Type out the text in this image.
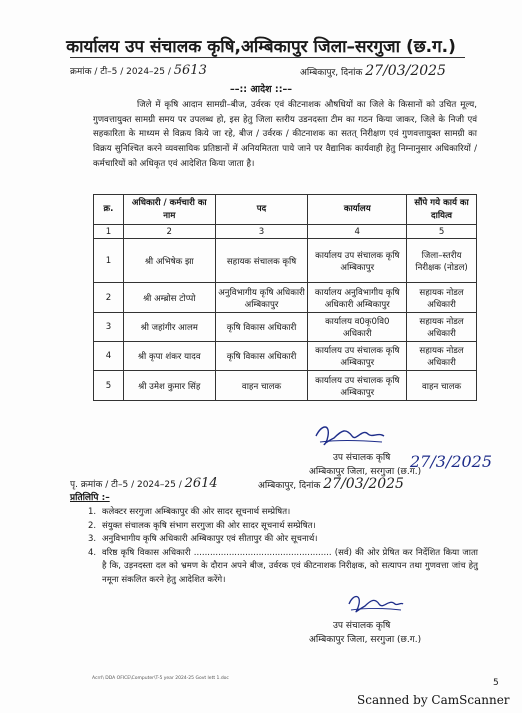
कार्यालय उप संचालक कृषि,अम्बिकापुर जिला–सरगुजा (छ.ग.)
क्रमांक / टी–5 / 2024–25 / 5613	अम्बिकापुर, दिनांक 27/03/2025
––:: आदेश ::––
जिले में कृषि आदान सामग्री–बीज, उर्वरक एवं कीटनाशक औषधियों का जिले के किसानों को उचित मूल्य, गुणवत्तायुक्त सामग्री समय पर उपलब्ध हो, इस हेतु जिला स्तरीय उडनदस्ता टीम का गठन किया जाकर, जिले के निजी एवं सहकारिता के माध्यम से विक्रय किये जा रहे, बीज / उर्वरक / कीटनाशक का सतत् निरीक्षण एवं गुणवत्तायुक्त सामग्री का विक्रय सुनिश्चित करने व्यवसायिक प्रतिष्ठानों में अनियमितता पाये जाने पर वैद्यानिक कार्यवाही हेतु निम्नानुसार अधिकारियों / कर्मचारियों को अधिकृत एवं आदेशित किया जाता है।
क्र.	अधिकारी / कर्मचारी का नाम	पद	कार्यालय	सौंपे गये कार्य का दायित्व
1	2	3	4	5
1	श्री अभिषेक झा	सहायक संचालक कृषि	कार्यालय उप संचालक कृषि अम्बिकापुर	जिला–स्तरीय निरीक्षक (नोडल)
2	श्री अम्ब्रोस टोप्पो	अनुविभागीय कृषि अधिकारी अम्बिकापुर	कार्यालय अनुविभागीय कृषि अधिकारी अम्बिकापुर	सहायक नोडल अधिकारी
3	श्री जहांगीर आलम	कृषि विकास अधिकारी	कार्यालय व0कृ0वि0 अधिकारी	सहायक नोडल अधिकारी
4	श्री कृपा शंकर यादव	कृषि विकास अधिकारी	कार्यालय उप संचालक कृषि अम्बिकापुर	सहायक नोडल अधिकारी
5	श्री उमेश कुमार सिंह	वाहन चालक	कार्यालय उप संचालक कृषि अम्बिकापुर	वाहन चालक
उप संचालक कृषि
अम्बिकापुर जिला, सरगुजा (छ.ग.)
27/3/2025
पृ. क्रमांक / टी–5 / 2024–25 / 2614	अम्बिकापुर, दिनांक 27/03/2025
प्रतिलिपि :–
1. कलेक्टर सरगुजा अम्बिकापुर की ओर सादर सूचनार्थ सम्प्रेषित।
2. संयुक्त संचालक कृषि संभाग सरगुजा की ओर सादर सूचनार्थ सम्प्रेषित।
3. अनुविभागीय कृषि अधिकारी अम्बिकापुर एवं सीतापुर की ओर सूचनार्थ।
4. वरिष्ठ कृषि विकास अधिकारी ................................................... (सर्व) की ओर प्रेषित कर निर्देशित किया जाता है कि, उड़नदस्ता दल को भ्रमण के दौरान अपने बीज, उर्वरक एवं कीटनाशक निरीक्षक, को सत्यापन तथा गुणवत्ता जांच हेतु नमूना संकलित करने हेतु आदेशित करेंगे।
उप संचालक कृषि
अम्बिकापुर जिला, सरगुजा (छ.ग.)
Acrrl\ DDA OFICE\Computer\T-5 year 2024-25 Govt lett 1.doc	5
Scanned by CamScanner
